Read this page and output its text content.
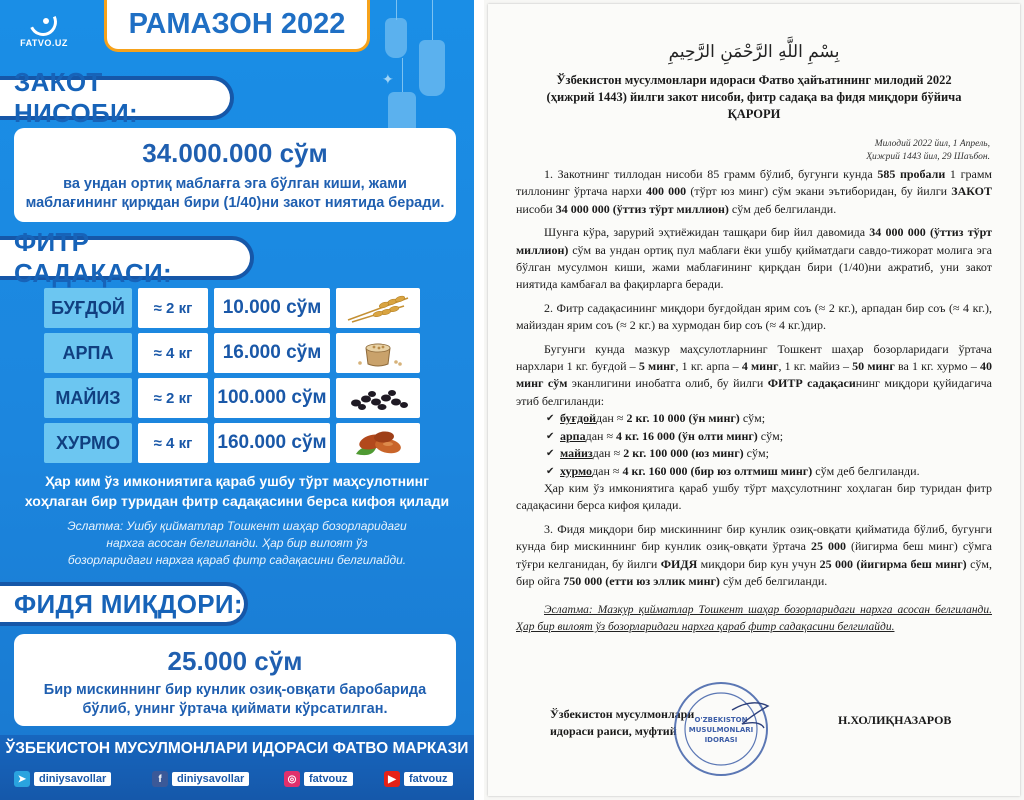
✦
FATVO.UZ
РАМАЗОН 2022
ЗАКОТ НИСОБИ:
34.000.000 сўм
ва ундан ортиқ маблағга эга бўлган киши, жами
маблағининг қирқдан бири (1/40)ни закот ниятида беради.
ФИТР САДАҚАСИ:
БУҒДОЙ	≈ 2 кг	10.000 сўм
АРПА	≈ 4 кг	16.000 сўм
МАЙИЗ	≈ 2 кг	100.000 сўм
ХУРМО	≈ 4 кг	160.000 сўм
Ҳар ким ўз имкониятига қараб ушбу тўрт маҳсулотнинг
хоҳлаган бир туридан фитр садақасини берса кифоя қилади
Эслатма: Ушбу қийматлар Тошкент шаҳар бозорларидаги
нархга асосан белгиланди. Ҳар бир вилоят ўз
бозорларидаги нархга қараб фитр садақасини белгилайди.
ФИДЯ МИҚДОРИ:
25.000 сўм
Бир мискиннинг бир кунлик озиқ-овқати баробарида
бўлиб, унинг ўртача қиймати кўрсатилган.
ЎЗБЕКИСТОН МУСУЛМОНЛАРИ ИДОРАСИ ФАТВО МАРКАЗИ
➤	diniysavollar	f	diniysavollar	◎	fatvouz	▶	fatvouz
بِسْمِ اللَّهِ الرَّحْمَنِ الرَّحِيمِ
Ўзбекистон мусулмонлари идораси Фатво ҳайъатининг милодий 2022
(ҳижрий 1443) йилги закот нисоби, фитр садақа ва фидя миқдори бўйича
ҚАРОРИ
Милодий 2022 йил, 1 Апрель,
Ҳижрий 1443 йил, 29 Шаъбон.

1. Закотнинг тиллодан нисоби 85 грамм бўлиб, бугунги кунда 585 пробали 1 грамм тиллонинг ўртача нархи 400 000 (тўрт юз минг) сўм экани эътиборидан, бу йилги ЗАКОТ нисоби 34 000 000 (ўттиз тўрт миллион) сўм деб белгиланди.

Шунга кўра, зарурий эҳтиёжидан ташқари бир йил давомида 34 000 000 (ўттиз тўрт миллион) сўм ва ундан ортиқ пул маблағи ёки ушбу қийматдаги савдо-тижорат молига эга бўлган мусулмон киши, жами маблағининг қирқдан бири (1/40)ни ажратиб, уни закот ниятида камбағал ва фақирларга беради.

2. Фитр садақасининг миқдори буғдойдан ярим соъ (≈ 2 кг.), арпадан бир соъ (≈ 4 кг.), майиздан ярим соъ (≈ 2 кг.) ва хурмодан бир соъ (≈ 4 кг.)дир.

Бугунги кунда мазкур маҳсулотларнинг Тошкент шаҳар бозорларидаги ўртача нархлари 1 кг. буғдой – 5 минг, 1 кг. арпа – 4 минг, 1 кг. майиз – 50 минг ва 1 кг. хурмо – 40 минг сўм эканлигини инобатга олиб, бу йилги ФИТР садақасининг миқдори қуйидагича этиб белгиланди:

✔ буғдойдан ≈ 2 кг. 10 000 (ўн минг) сўм;
✔ арпадан ≈ 4 кг. 16 000 (ўн олти минг) сўм;
✔ майиздан ≈ 2 кг. 100 000 (юз минг) сўм;
✔ хурмодан ≈ 4 кг. 160 000 (бир юз олтмиш минг) сўм деб белгиланди.

Ҳар ким ўз имкониятига қараб ушбу тўрт маҳсулотнинг хоҳлаган бир туридан фитр садақасини берса кифоя қилади.

3. Фидя миқдори бир мискиннинг бир кунлик озиқ-овқати қийматида бўлиб, бугунги кунда бир мискиннинг бир кунлик озиқ-овқати ўртача 25 000 (йигирма беш минг) сўмга тўғри келганидан, бу йилги ФИДЯ миқдори бир кун учун 25 000 (йигирма беш минг) сўм, бир ойга 750 000 (етти юз эллик минг) сўм деб белгиланди.

Эслатма: Мазкур қийматлар Тошкент шаҳар бозорларидаги нархга асосан белгиланди. Ҳар бир вилоят ўз бозорларидаги нархга қараб фитр садақасини белгилайди.
Ўзбекистон мусулмонлари
идораси раиси, муфтий
O'ZBEKISTON
MUSULMONLARI
IDORASI
Н.ХОЛИҚНАЗАРОВ
